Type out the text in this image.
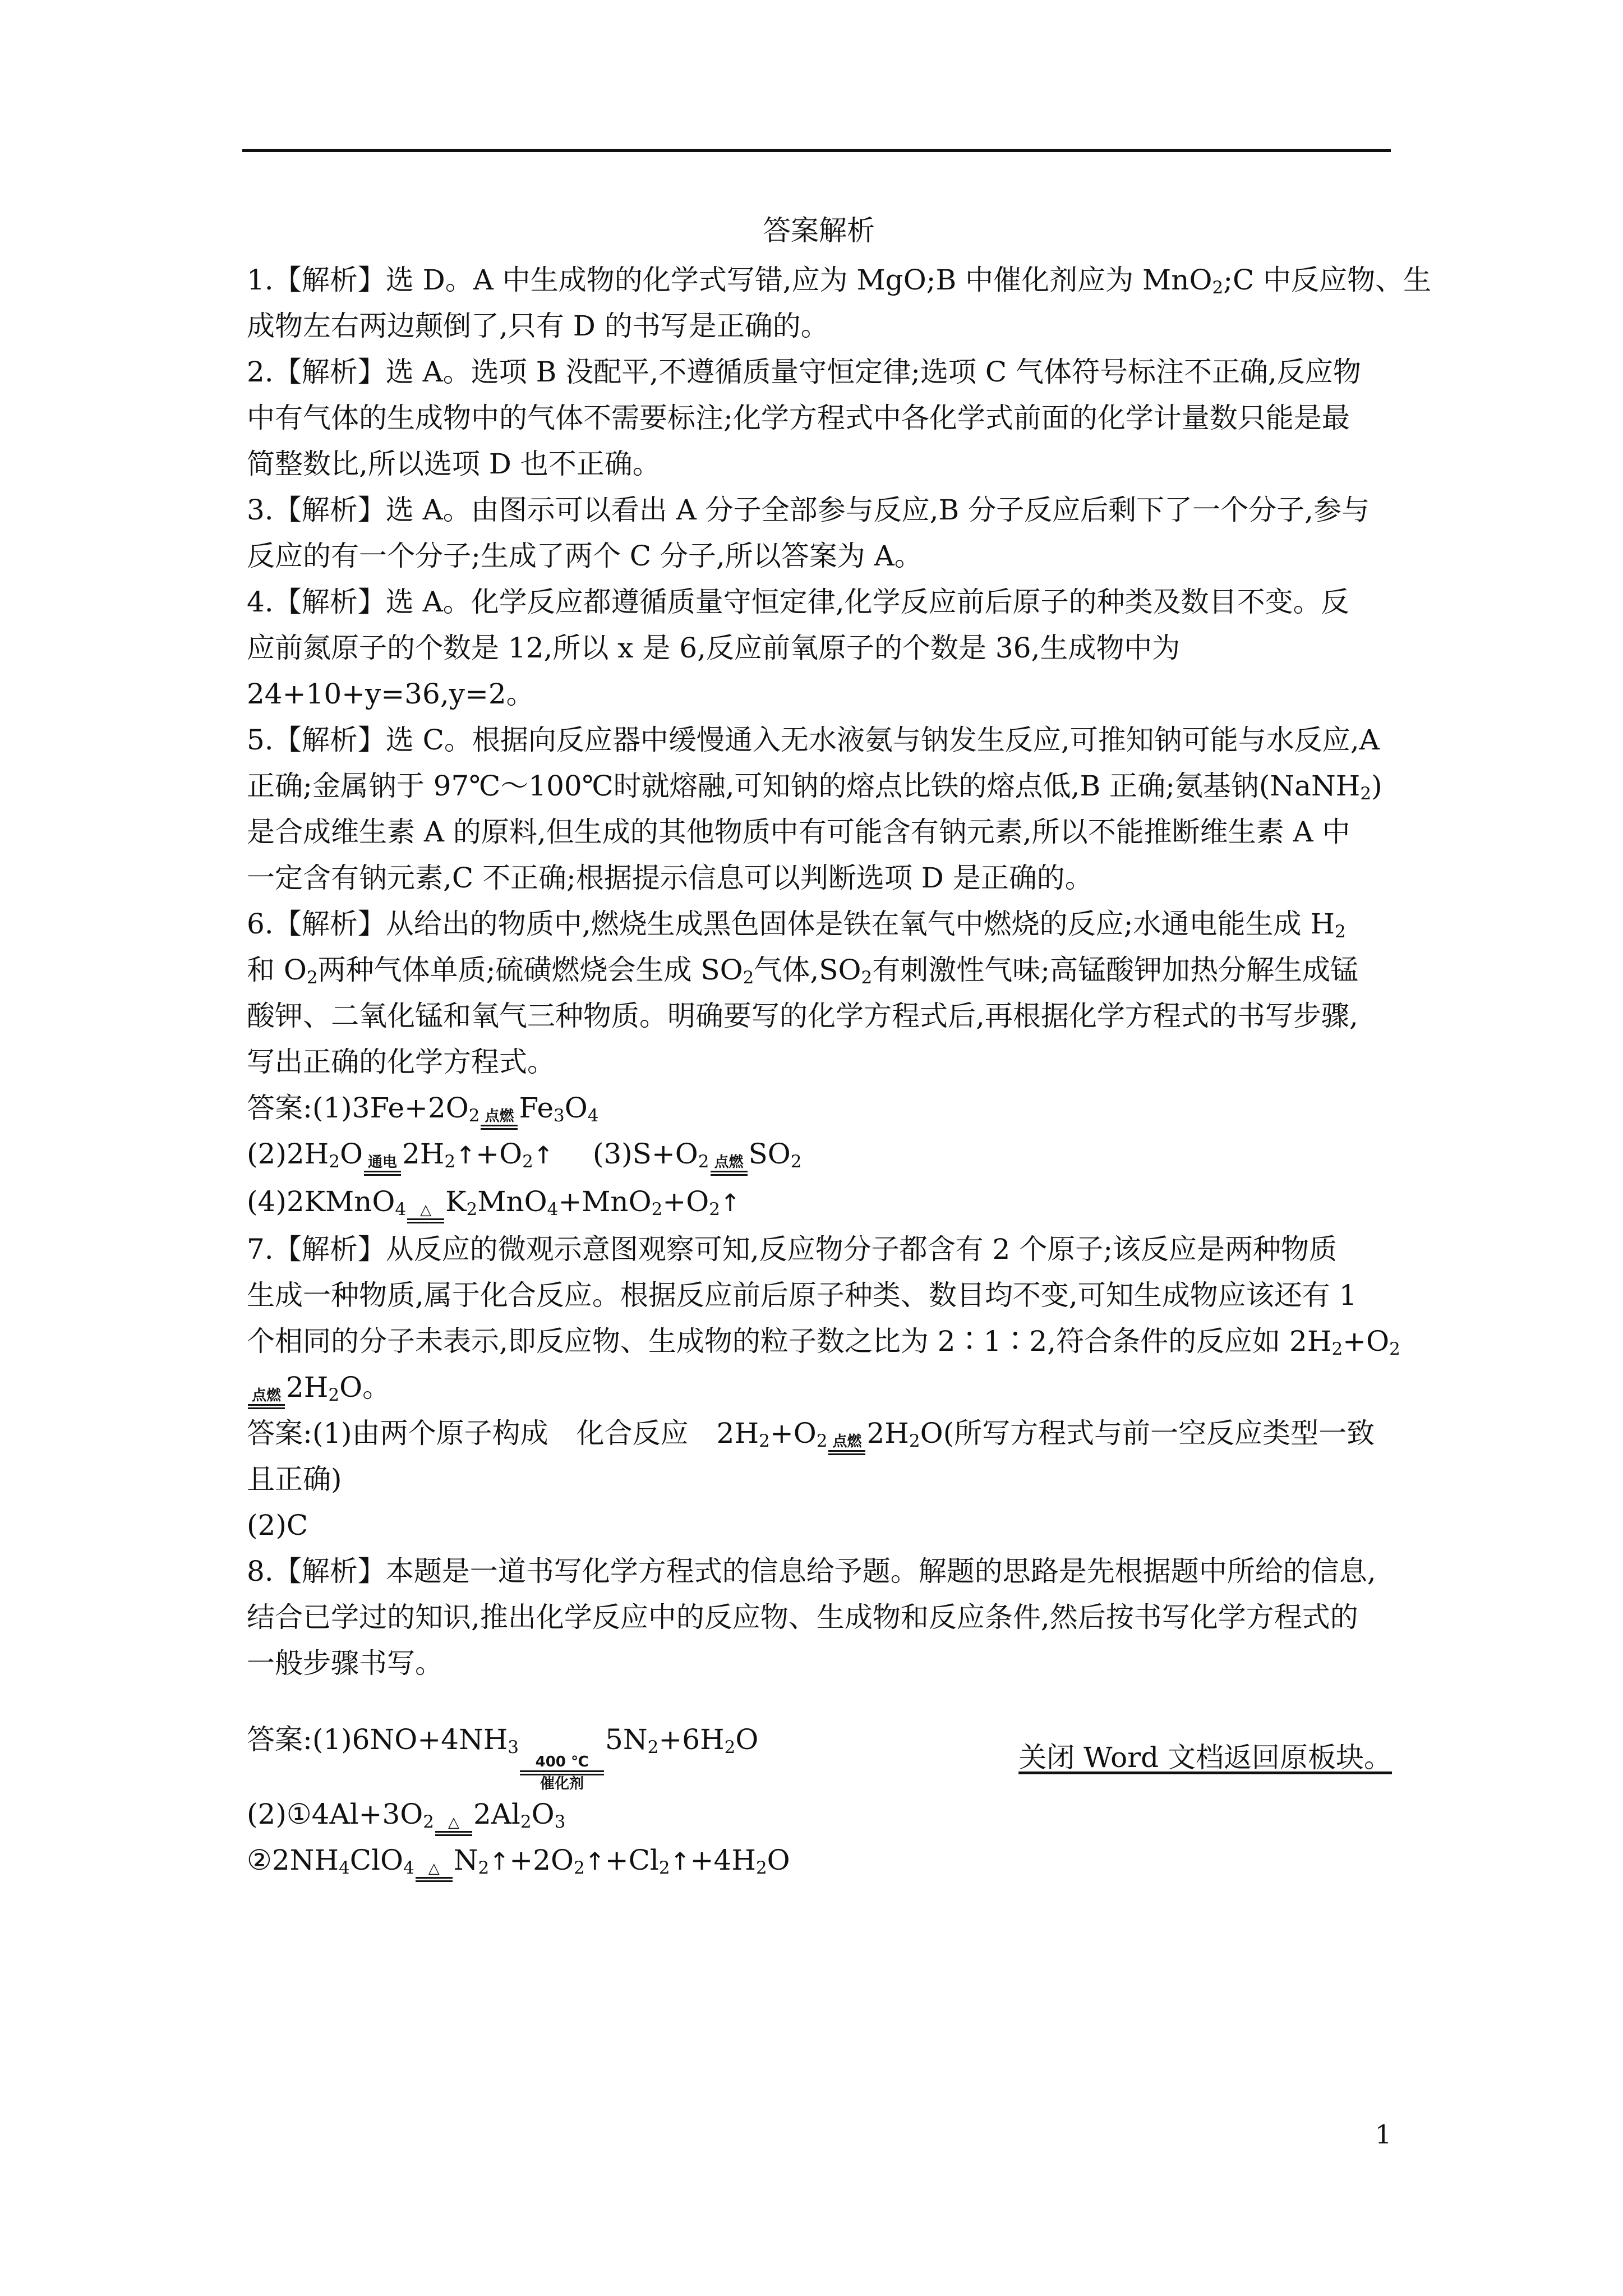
答案解析
1.【解析】选 D。A 中生成物的化学式写错,应为 MgO;B 中催化剂应为 MnO$_2$;C 中反应物、生
成物左右两边颠倒了,只有 D 的书写是正确的。
2.【解析】选 A。选项 B 没配平,不遵循质量守恒定律;选项 C 气体符号标注不正确,反应物
中有气体的生成物中的气体不需要标注;化学方程式中各化学式前面的化学计量数只能是最
简整数比,所以选项 D 也不正确。
3.【解析】选 A。由图示可以看出 A 分子全部参与反应,B 分子反应后剩下了一个分子,参与
反应的有一个分子;生成了两个 C 分子,所以答案为 A。
4.【解析】选 A。化学反应都遵循质量守恒定律,化学反应前后原子的种类及数目不变。反
应前氮原子的个数是 12,所以 x 是 6,反应前氧原子的个数是 36,生成物中为
24+10+y=36,y=2。
5.【解析】选 C。根据向反应器中缓慢通入无水液氨与钠发生反应,可推知钠可能与水反应,A
正确;金属钠于 97℃～100℃时就熔融,可知钠的熔点比铁的熔点低,B 正确;氨基钠(NaNH$_2$)
是合成维生素 A 的原料,但生成的其他物质中有可能含有钠元素,所以不能推断维生素 A 中
一定含有钠元素,C 不正确;根据提示信息可以判断选项 D 是正确的。
6.【解析】从给出的物质中,燃烧生成黑色固体是铁在氧气中燃烧的反应;水通电能生成 $H_2$
和 $O_2$两种气体单质;硫磺燃烧会生成 $SO_2$气体$,SO_2$有刺激性气味;高锰酸钾加热分解生成锰
酸钾、二氧化锰和氧气三种物质。明确要写的化学方程式后,再根据化学方程式的书写步骤,
写出正确的化学方程式。
答案$:(1)3Fe+2O_2$ 点燃 $Fe_3O_4$
$(2)2H_2O$ 通电 $2H_2↑+O_2↑$ $(3)S+O_2$ 点燃 $SO_2$
(4)2KMnO$_4$ △ $K_2MnO_4+MnO_2+O_2↑$
7.【解析】从反应的微观示意图观察可知,反应物分子都含有 2 个原子;该反应是两种物质
生成一种物质,属于化合反应。根据反应前后原子种类、数目均不变,可知生成物应该还有 1
个相同的分子未表示,即反应物、生成物的粒子数之比为 2∶1∶2,符合条件的反应如 $2H_2+O_2$
点燃 $2H_2O$。
答案:(1)由两个原子构成　化合反应　$2H_2+O_2$ 点燃 $2H_2O$(所写方程式与前一空反应类型一致
且正确)
(2)C
8.【解析】本题是一道书写化学方程式的信息给予题。解题的思路是先根据题中所给的信息,
结合已学过的知识,推出化学反应中的反应物、生成物和反应条件,然后按书写化学方程式的
一般步骤书写。
答案$:(1)6NO+4NH_3$
400 ℃
催化剂
$5N_2+6H_2O$
$(2)①4Al+3O_2$ △ $2Al_2O_3$
$②2NH_4ClO_4$ △ $N_2↑+2O_2↑+Cl_2↑+4H_2O$
关闭 Word 文档返回原板块。
1
